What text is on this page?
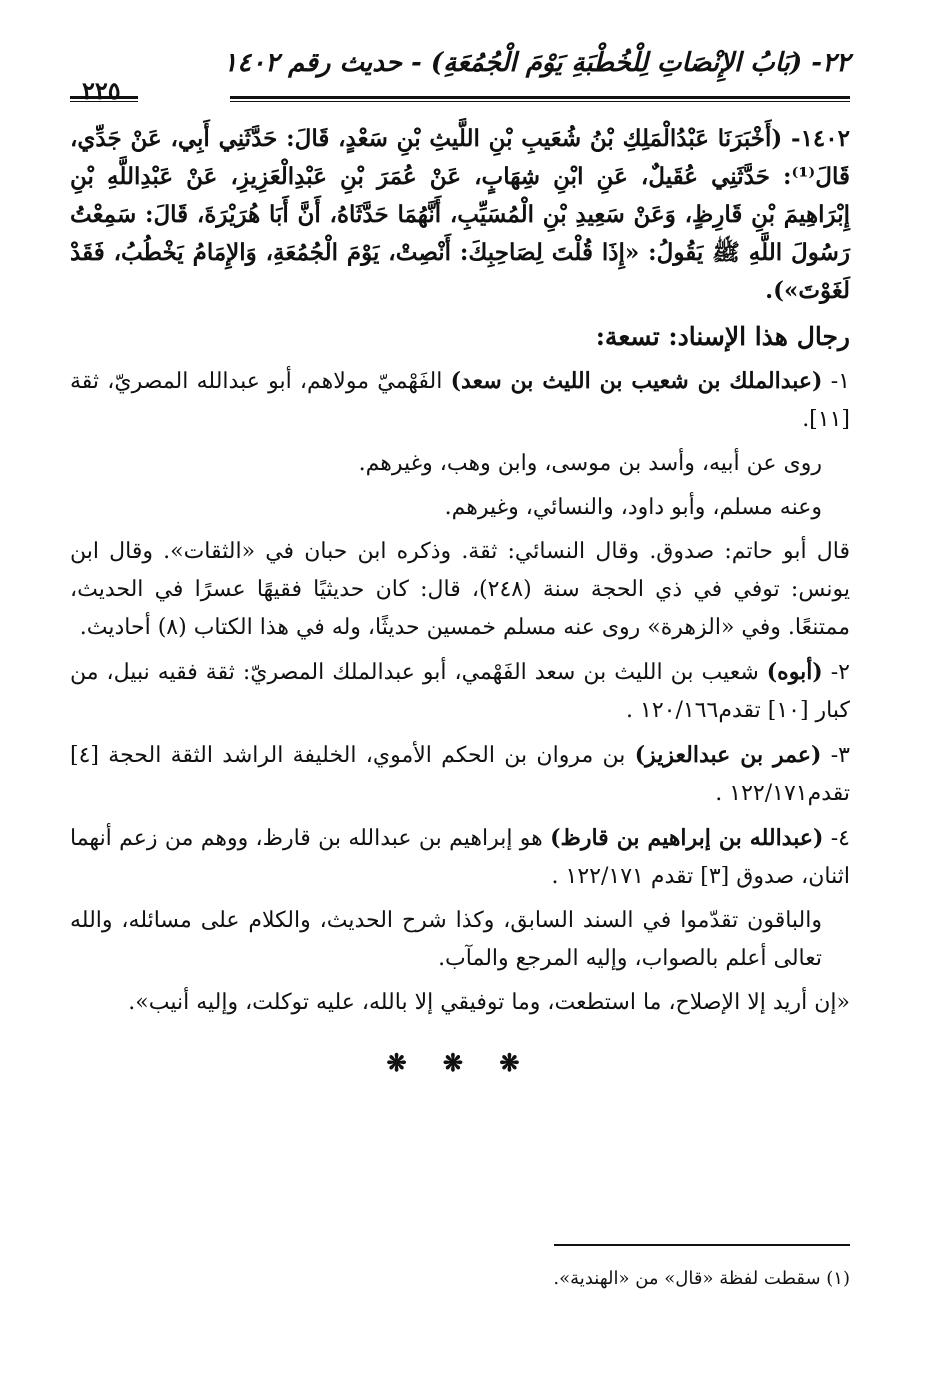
٢٢- (بَابُ الإِنْصَاتِ لِلْخُطْبَةِ يَوْمَ الْجُمُعَةِ) - حديث رقم ١٤٠٢
٢٢٥

١٤٠٢- (أَخْبَرَنَا عَبْدُالْمَلِكِ بْنُ شُعَيبِ بْنِ اللَّيثِ بْنِ سَعْدٍ، قَالَ: حَدَّثَنِي أَبِي، عَنْ جَدِّي، قَالَ⁽¹⁾: حَدَّثَنِي عُقَيلٌ، عَنِ ابْنِ شِهَابٍ، عَنْ عُمَرَ بْنِ عَبْدِالْعَزِيزِ، عَنْ عَبْدِاللَّهِ بْنِ إِبْرَاهِيمَ بْنِ قَارِظٍ، وَعَنْ سَعِيدِ بْنِ الْمُسَيِّبِ، أَنَّهُمَا حَدَّثَاهُ، أَنَّ أَبَا هُرَيْرَةَ، قَالَ: سَمِعْتُ رَسُولَ اللَّهِ ﷺ يَقُولُ: «إِذَا قُلْتَ لِصَاحِبِكَ: أَنْصِتْ، يَوْمَ الْجُمُعَةِ، وَالإِمَامُ يَخْطُبُ، فَقَدْ لَغَوْتَ»).

رجال هذا الإسناد: تسعة:

١- (عبدالملك بن شعيب بن الليث بن سعد) الفَهْميّ مولاهم، أبو عبدالله المصريّ، ثقة [١١].

روى عن أبيه، وأسد بن موسى، وابن وهب، وغيرهم.

وعنه مسلم، وأبو داود، والنسائي، وغيرهم.

قال أبو حاتم: صدوق. وقال النسائي: ثقة. وذكره ابن حبان في «الثقات». وقال ابن يونس: توفي في ذي الحجة سنة (٢٤٨)، قال: كان حديثيًا فقيهًا عسرًا في الحديث، ممتنعًا. وفي «الزهرة» روى عنه مسلم خمسين حديثًا، وله في هذا الكتاب (٨) أحاديث.

٢- (أبوه) شعيب بن الليث بن سعد الفَهْمي، أبو عبدالملك المصريّ: ثقة فقيه نبيل، من كبار [١٠] تقدم١٢٠/١٦٦ .

٣- (عمر بن عبدالعزيز) بن مروان بن الحكم الأموي، الخليفة الراشد الثقة الحجة [٤] تقدم١٢٢/١٧١ .

٤- (عبدالله بن إبراهيم بن قارظ) هو إبراهيم بن عبدالله بن قارظ، ووهم من زعم أنهما اثنان، صدوق [٣] تقدم ١٢٢/١٧١ .

والباقون تقدّموا في السند السابق، وكذا شرح الحديث، والكلام على مسائله، والله تعالى أعلم بالصواب، وإليه المرجع والمآب.

«إن أريد إلا الإصلاح، ما استطعت، وما توفيقي إلا بالله، عليه توكلت، وإليه أنيب».

❋ ❋ ❋
(١) سقطت لفظة «قال» من «الهندية».
